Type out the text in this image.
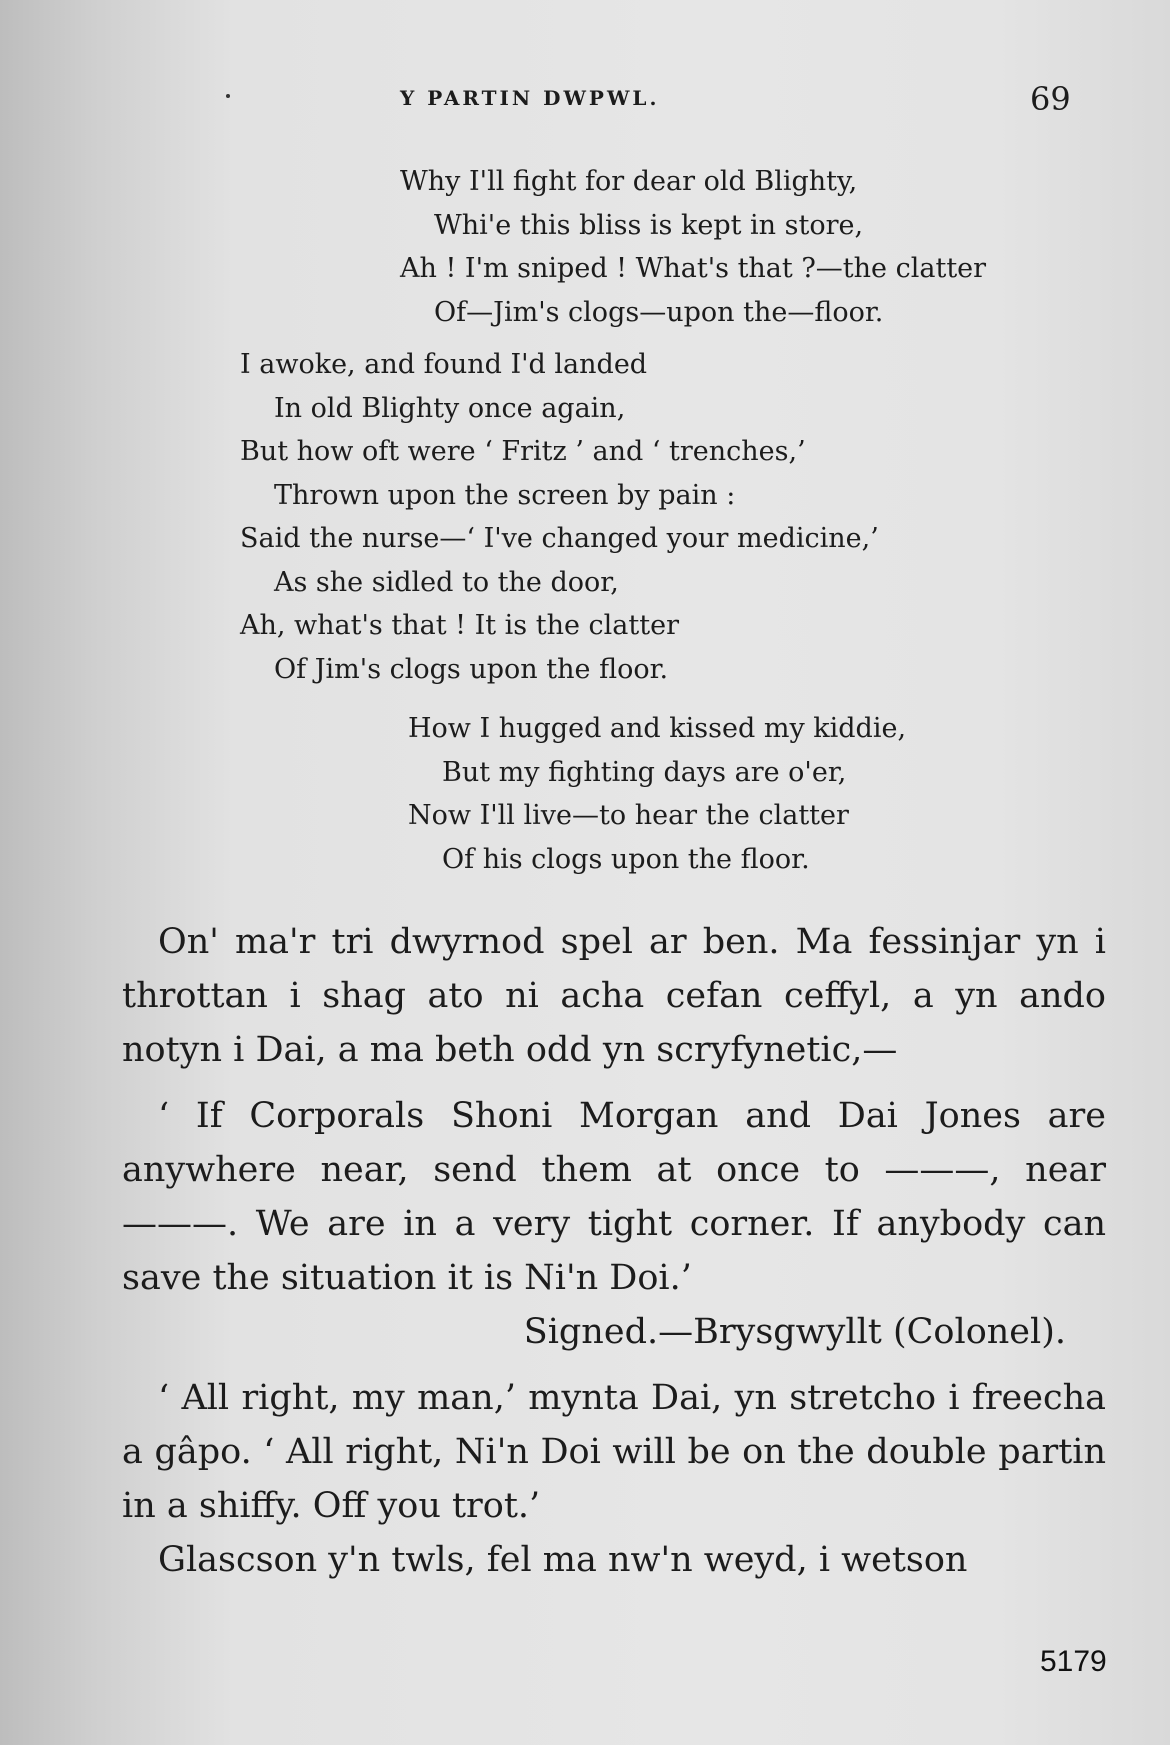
Y PARTIN DWPWL.	69
Why I'll fight for dear old Blighty,
Whi'e this bliss is kept in store,
Ah ! I'm sniped ! What's that ?—the clatter
Of—Jim's clogs—upon the—floor.
I awoke, and found I'd landed
In old Blighty once again,
But how oft were ‘ Fritz ’ and ‘ trenches,’
Thrown upon the screen by pain :
Said the nurse—‘ I've changed your medicine,’
As she sidled to the door,
Ah, what's that ! It is the clatter
Of Jim's clogs upon the floor.
How I hugged and kissed my kiddie,
But my fighting days are o'er,
Now I'll live—to hear the clatter
Of his clogs upon the floor.
On' ma'r tri dwyrnod spel ar ben. Ma fessinjar yn i throttan i shag ato ni acha cefan ceffyl, a yn ando notyn i Dai, a ma beth odd yn scryfynetic,—
‘ If Corporals Shoni Morgan and Dai Jones are anywhere near, send them at once to ———, near ———. We are in a very tight corner. If anybody can save the situation it is Ni'n Doi.’
Signed.—Brysgwyllt (Colonel).
‘ All right, my man,’ mynta Dai, yn stretcho i freecha a gâpo. ‘ All right, Ni'n Doi will be on the double partin in a shiffy. Off you trot.’
Glascson y'n twls, fel ma nw'n weyd, i wetson
5179
